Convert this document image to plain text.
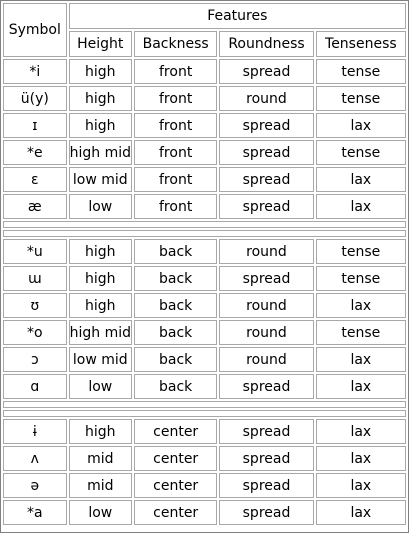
Symbol	Features			
	Height	Backness	Roundness	Tenseness
*i	high	front	spread	tense
ü(y)	high	front	round	tense
ɪ	high	front	spread	lax
*e	high mid	front	spread	tense
ɛ	low mid	front	spread	lax
æ	low	front	spread	lax

*u	high	back	round	tense
ɯ	high	back	spread	tense
ʊ	high	back	round	lax
*o	high mid	back	round	tense
ɔ	low mid	back	round	lax
ɑ	low	back	spread	lax

ɨ	high	center	spread	lax
ʌ	mid	center	spread	lax
ə	mid	center	spread	lax
*a	low	center	spread	lax
